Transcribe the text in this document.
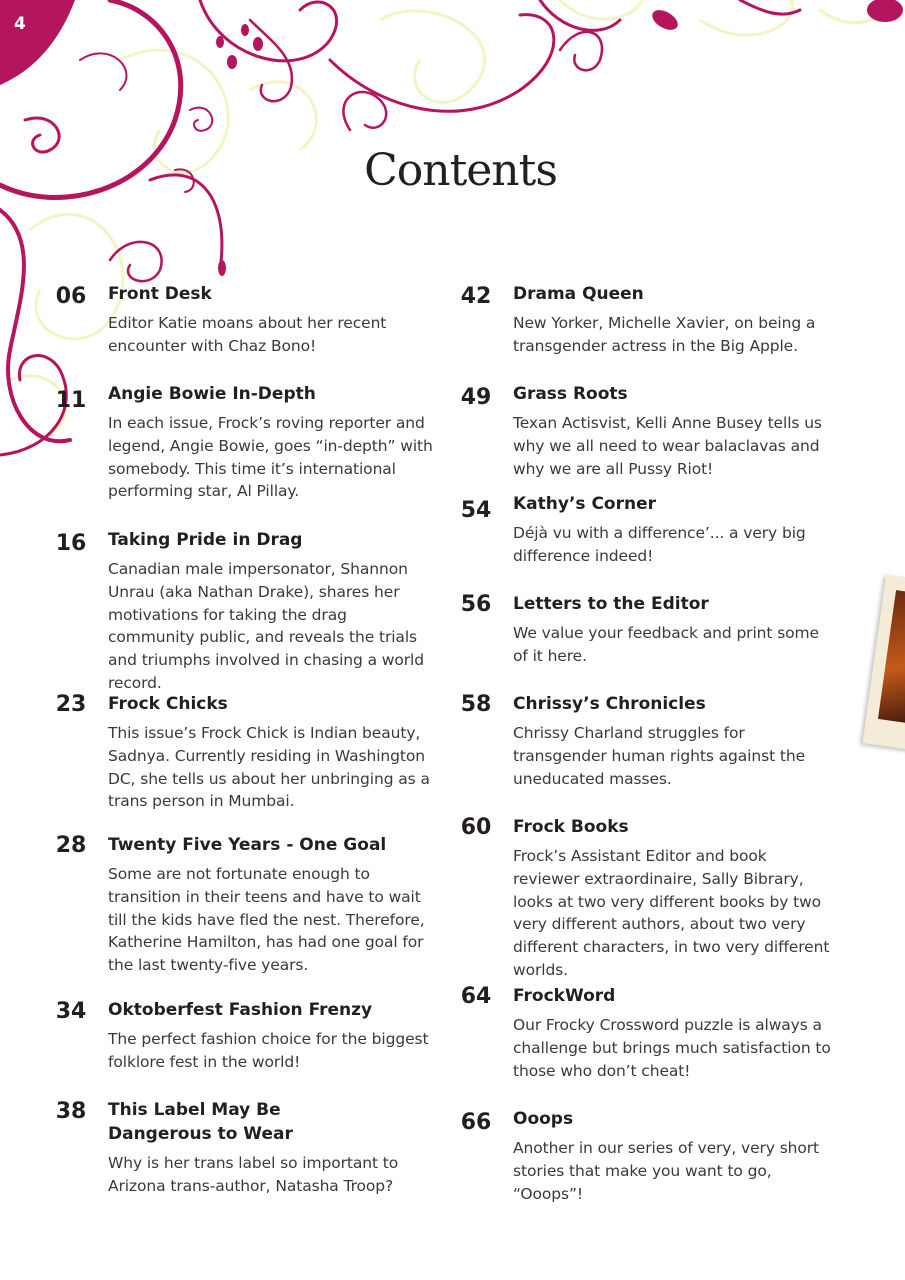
4
Contents
06 Front Desk

Editor Katie moans about her recent encounter with Chaz Bono!

11 Angie Bowie In-Depth

In each issue, Frock’s roving reporter and legend, Angie Bowie, goes “in-depth” with somebody. This time it’s international performing star, Al Pillay.

16 Taking Pride in Drag

Canadian male impersonator, Shannon Unrau (aka Nathan Drake), shares her motivations for taking the drag community public, and reveals the trials and triumphs involved in chasing a world record.

23 Frock Chicks

This issue’s Frock Chick is Indian beauty, Sadnya. Currently residing in Washington DC, she tells us about her unbringing as a trans person in Mumbai.

28 Twenty Five Years - One Goal

Some are not fortunate enough to transition in their teens and have to wait till the kids have fled the nest. Therefore, Katherine Hamilton, has had one goal for the last twenty-five years.

34 Oktoberfest Fashion Frenzy

The perfect fashion choice for the biggest folklore fest in the world!

38 This Label May Be Dangerous to Wear

Why is her trans label so important to Arizona trans-author, Natasha Troop?

42 Drama Queen

New Yorker, Michelle Xavier, on being a transgender actress in the Big Apple.

49 Grass Roots

Texan Actisvist, Kelli Anne Busey tells us why we all need to wear balaclavas and why we are all Pussy Riot!

54 Kathy’s Corner

Déjà vu with a difference’... a very big difference indeed!

56 Letters to the Editor

We value your feedback and print some of it here.

58 Chrissy’s Chronicles

Chrissy Charland struggles for transgender human rights against the uneducated masses.

60 Frock Books

Frock’s Assistant Editor and book reviewer extraordinaire, Sally Bibrary, looks at two very different books by two very different authors, about two very different characters, in two very different worlds.

64 FrockWord

Our Frocky Crossword puzzle is always a challenge but brings much satisfaction to those who don’t cheat!

66 Ooops

Another in our series of very, very short stories that make you want to go, “Ooops”!
